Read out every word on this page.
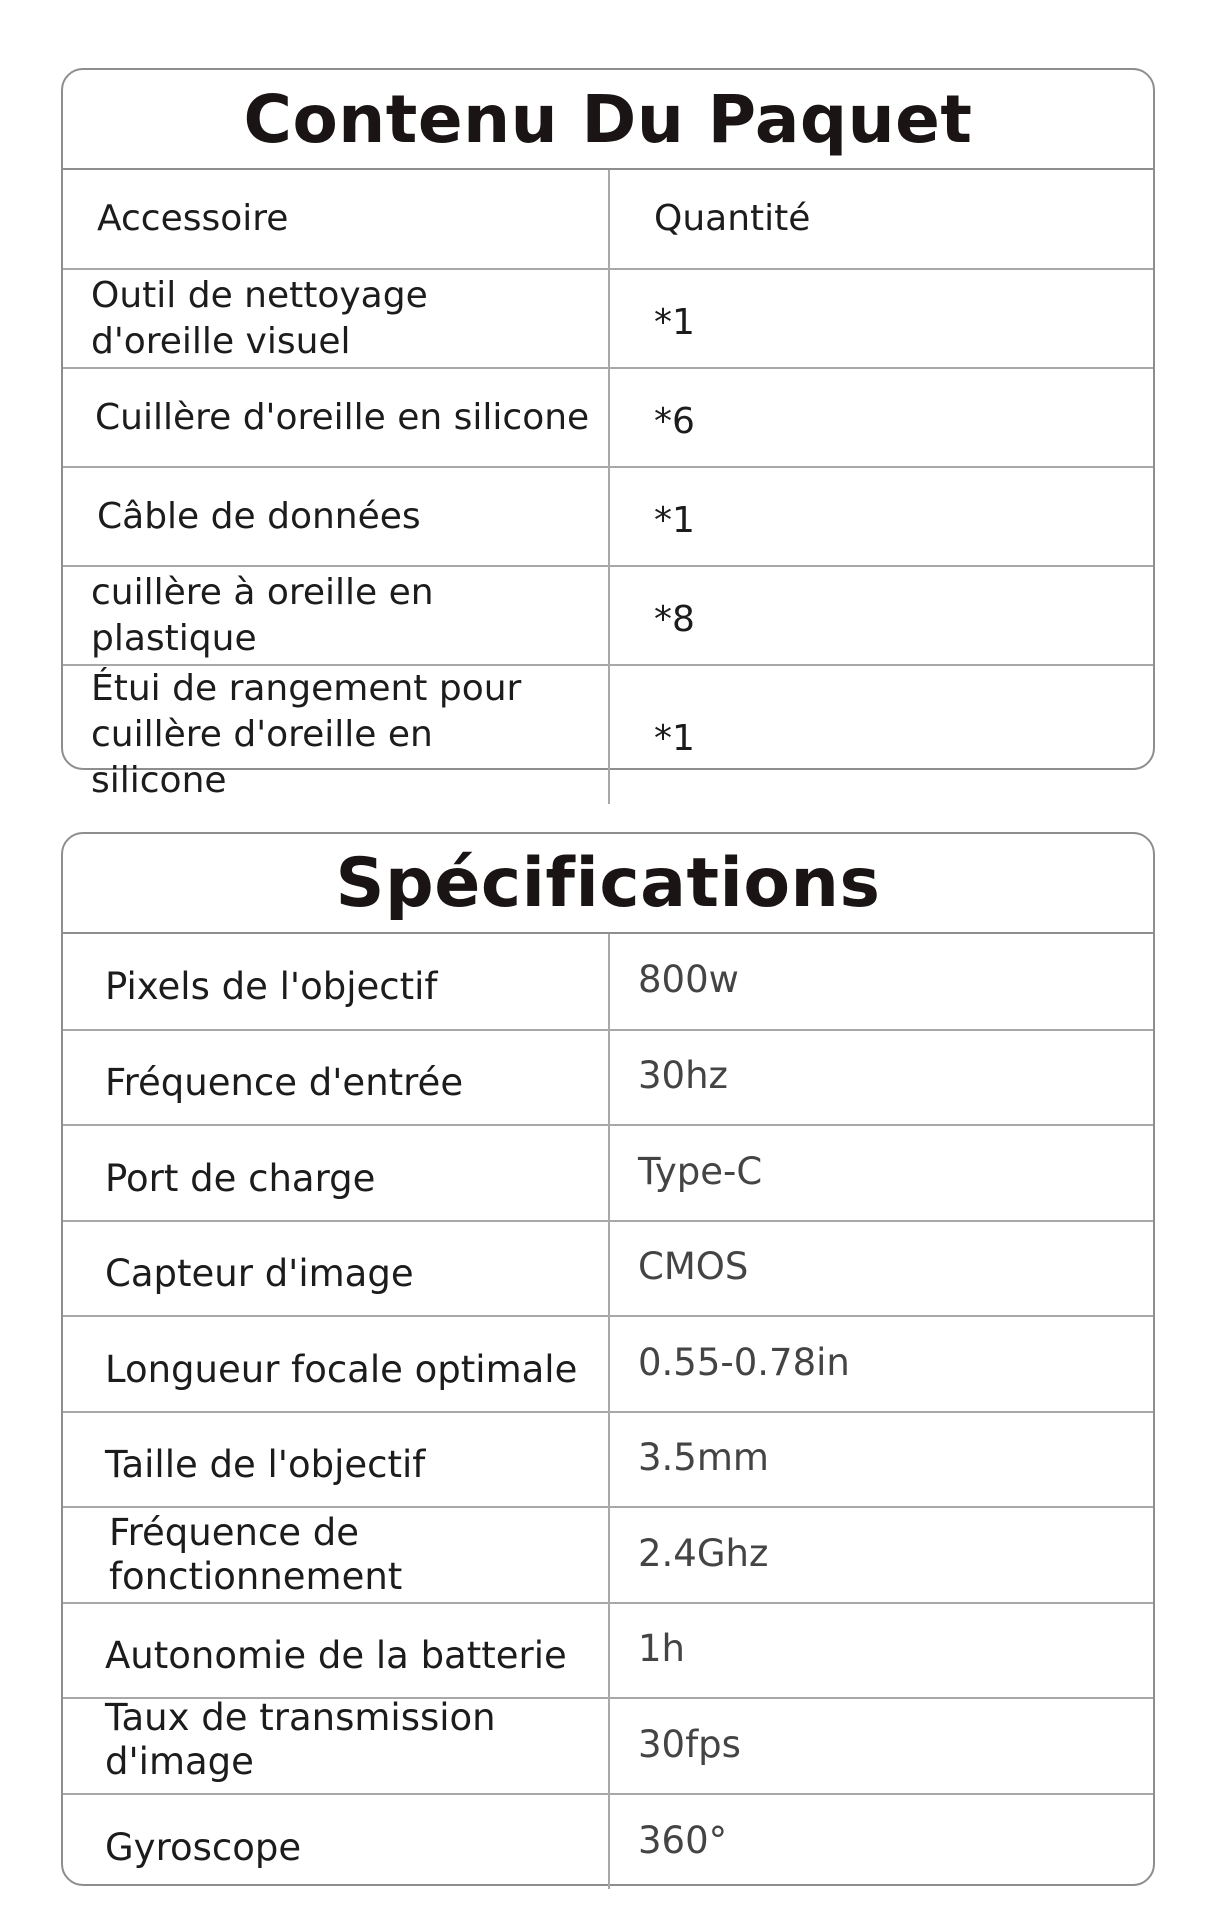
Contenu Du Paquet
Accessoire	Quantité
Outil de nettoyage d'oreille visuel	*1
Cuillère d'oreille en silicone	*6
Câble de données	*1
cuillère à oreille en plastique	*8
Étui de rangement pour cuillère d'oreille en silicone	*1
Spécifications
Pixels de l'objectif	800w
Fréquence d'entrée	30hz
Port de charge	Type-C
Capteur d'image	CMOS
Longueur focale optimale	0.55-0.78in
Taille de l'objectif	3.5mm
Fréquence de fonctionnement	2.4Ghz
Autonomie de la batterie	1h
Taux de transmission d'image	30fps
Gyroscope	360°
